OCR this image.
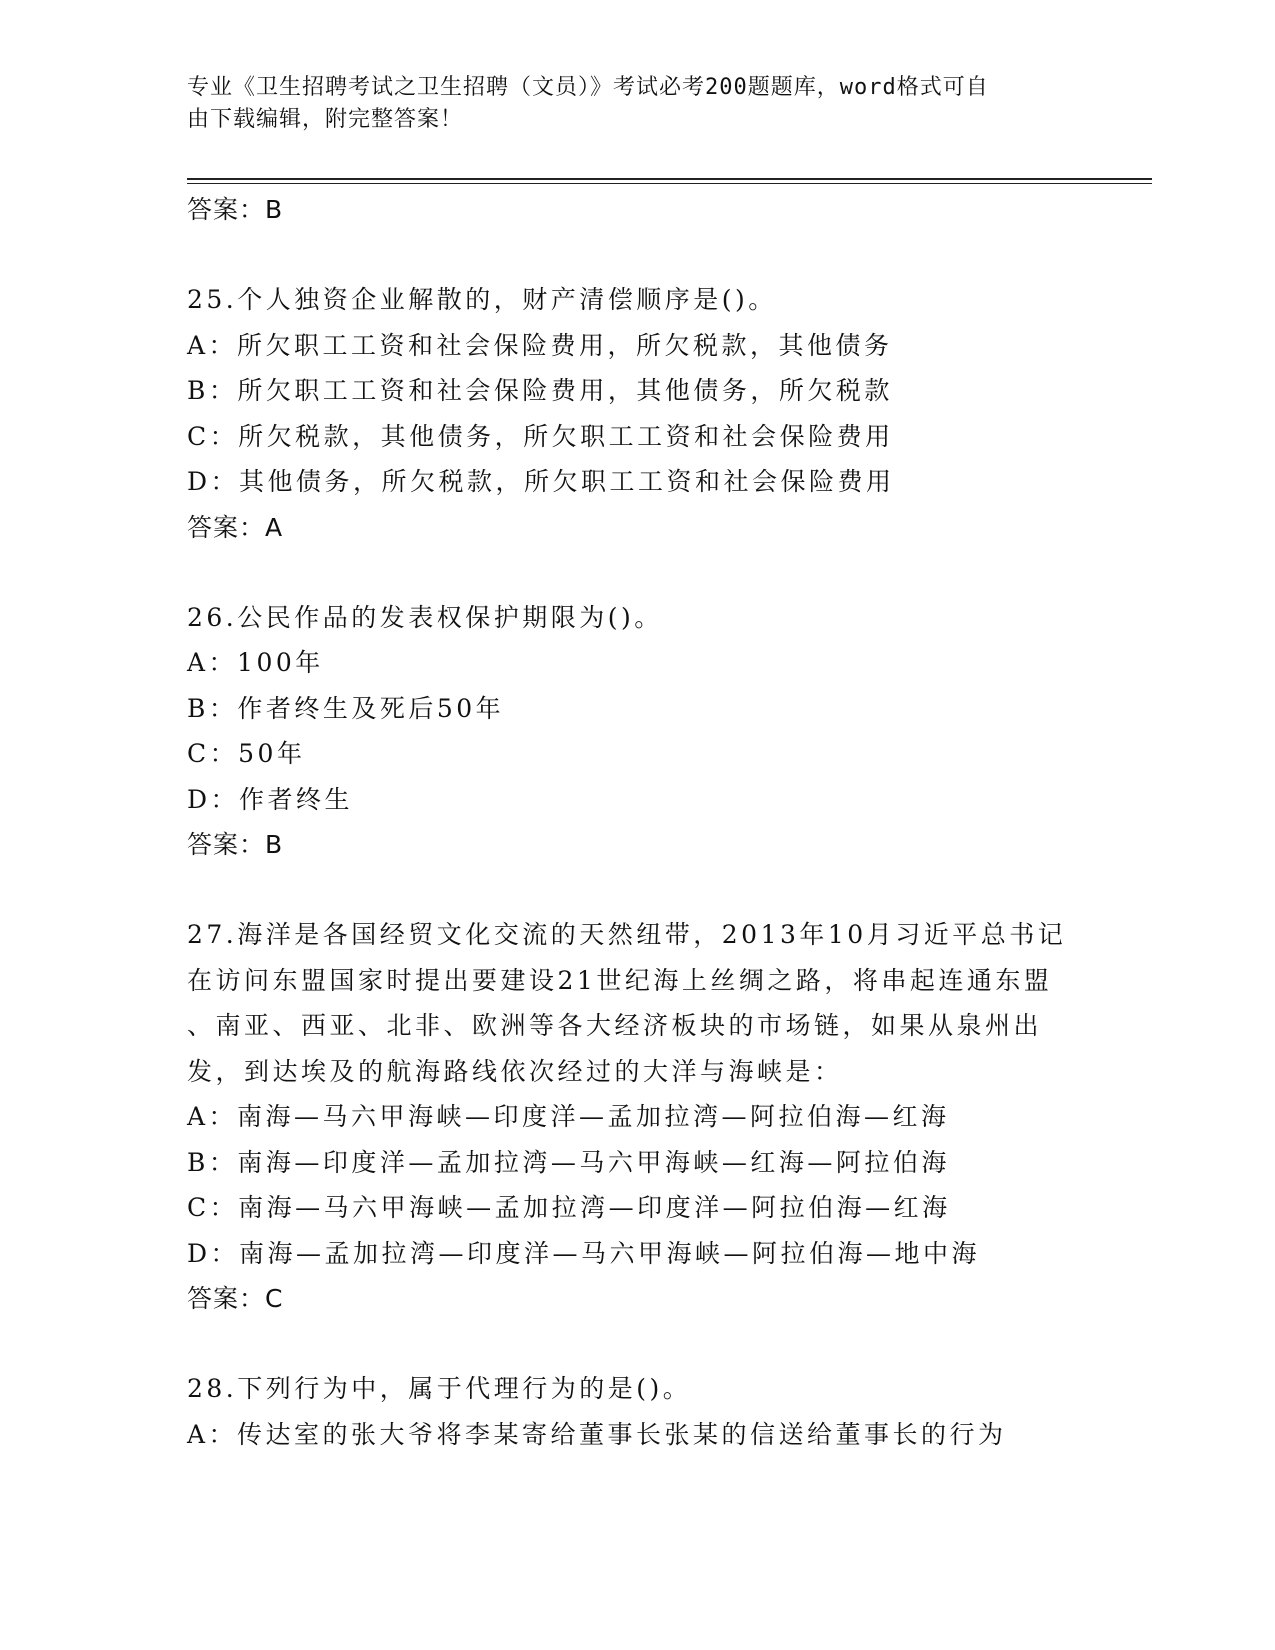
专业《卫生招聘考试之卫生招聘（文员）》考试必考200题题库，word格式可自
由下载编辑，附完整答案！
答案：B
25.个人独资企业解散的，财产清偿顺序是()。
A：所欠职工工资和社会保险费用，所欠税款，其他债务
B：所欠职工工资和社会保险费用，其他债务，所欠税款
C：所欠税款，其他债务，所欠职工工资和社会保险费用
D：其他债务，所欠税款，所欠职工工资和社会保险费用
答案：A
26.公民作品的发表权保护期限为()。
A：100年
B：作者终生及死后50年
C：50年
D：作者终生
答案：B
27.海洋是各国经贸文化交流的天然纽带，2013年10月习近平总书记
在访问东盟国家时提出要建设21世纪海上丝绸之路，将串起连通东盟
、南亚、西亚、北非、欧洲等各大经济板块的市场链，如果从泉州出
发，到达埃及的航海路线依次经过的大洋与海峡是：
A：南海—马六甲海峡—印度洋—孟加拉湾—阿拉伯海—红海
B：南海—印度洋—孟加拉湾—马六甲海峡—红海—阿拉伯海
C：南海—马六甲海峡—孟加拉湾—印度洋—阿拉伯海—红海
D：南海—孟加拉湾—印度洋—马六甲海峡—阿拉伯海—地中海
答案：C
28.下列行为中，属于代理行为的是()。
A：传达室的张大爷将李某寄给董事长张某的信送给董事长的行为
